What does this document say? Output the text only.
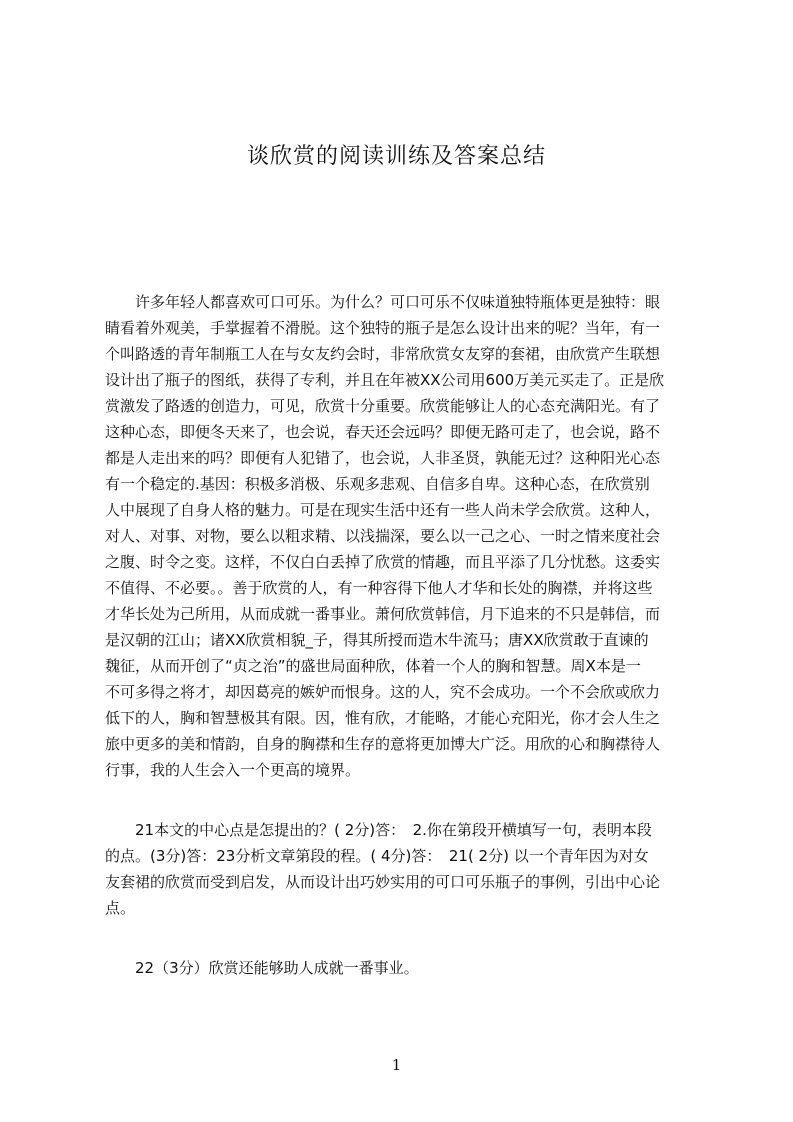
谈欣赏的阅读训练及答案总结
　　许多年轻人都喜欢可口可乐。为什么？可口可乐不仅味道独特瓶体更是独特：眼
睛看着外观美，手掌握着不滑脱。这个独特的瓶子是怎么设计出来的呢？当年，有一
个叫路透的青年制瓶工人在与女友约会时，非常欣赏女友穿的套裙，由欣赏产生联想
设计出了瓶子的图纸，获得了专利，并且在年被XX公司用600万美元买走了。正是欣
赏激发了路透的创造力，可见，欣赏十分重要。欣赏能够让人的心态充满阳光。有了
这种心态，即便冬天来了，也会说，春天还会远吗？即便无路可走了，也会说，路不
都是人走出来的吗？即便有人犯错了，也会说，人非圣贤，孰能无过？这种阳光心态
有一个稳定的.基因：积极多消极、乐观多悲观、自信多自卑。这种心态，在欣赏别
人中展现了自身人格的魅力。可是在现实生活中还有一些人尚未学会欣赏。这种人，
对人、对事、对物，要么以粗求精、以浅揣深，要么以一己之心、一时之情来度社会
之腹、时令之变。这样，不仅白白丢掉了欣赏的情趣，而且平添了几分忧愁。这委实
不值得、不必要。。善于欣赏的人，有一种容得下他人才华和长处的胸襟，并将这些
才华长处为己所用，从而成就一番事业。萧何欣赏韩信，月下追来的不只是韩信，而
是汉朝的江山；诸XX欣赏相貌_子，得其所授而造木牛流马；唐XX欣赏敢于直谏的
魏征，从而开创了“贞之治”的盛世局面种欣，体着一个人的胸和智慧。周X本是一
不可多得之将才，却因葛亮的嫉妒而恨身。这的人，究不会成功。一个不会欣或欣力
低下的人，胸和智慧极其有限。因，惟有欣，才能略，才能心充阳光，你才会人生之
旅中更多的美和情韵，自身的胸襟和生存的意将更加博大广泛。用欣的心和胸襟待人
行事，我的人生会入一个更高的境界。
　　21本文的中心点是怎提出的？( 2分)答：　2.你在第段开横填写一句，表明本段
的点。(3分)答：23分析文章第段的程。( 4分)答：　21( 2分) 以一个青年因为对女
友套裙的欣赏而受到启发，从而设计出巧妙实用的可口可乐瓶子的事例，引出中心论
点。
　　22（3分）欣赏还能够助人成就一番事业。
1
